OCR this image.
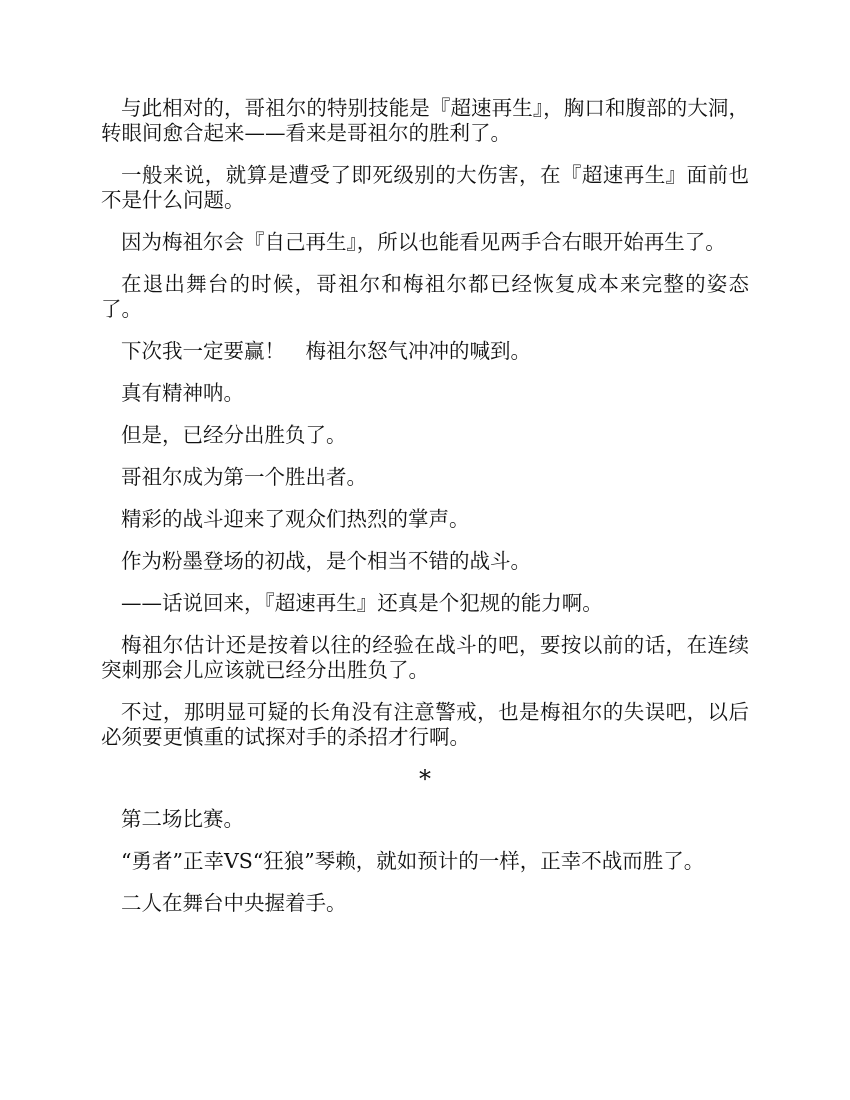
与此相对的，哥祖尔的特别技能是『超速再生』，胸口和腹部的大洞，转眼间愈合起来——看来是哥祖尔的胜利了。

一般来说，就算是遭受了即死级别的大伤害，在『超速再生』面前也不是什么问题。

因为梅祖尔会『自己再生』，所以也能看见两手合右眼开始再生了。

在退出舞台的时候，哥祖尔和梅祖尔都已经恢复成本来完整的姿态了。

下次我一定要赢！　梅祖尔怒气冲冲的喊到。

真有精神呐。

但是，已经分出胜负了。

哥祖尔成为第一个胜出者。

精彩的战斗迎来了观众们热烈的掌声。

作为粉墨登场的初战，是个相当不错的战斗。

——话说回来，『超速再生』还真是个犯规的能力啊。

梅祖尔估计还是按着以往的经验在战斗的吧，要按以前的话，在连续突刺那会儿应该就已经分出胜负了。

不过，那明显可疑的长角没有注意警戒，也是梅祖尔的失误吧，以后必须要更慎重的试探对手的杀招才行啊。

*

第二场比赛。

“勇者”正幸VS“狂狼”琴赖，就如预计的一样，正幸不战而胜了。

二人在舞台中央握着手。
